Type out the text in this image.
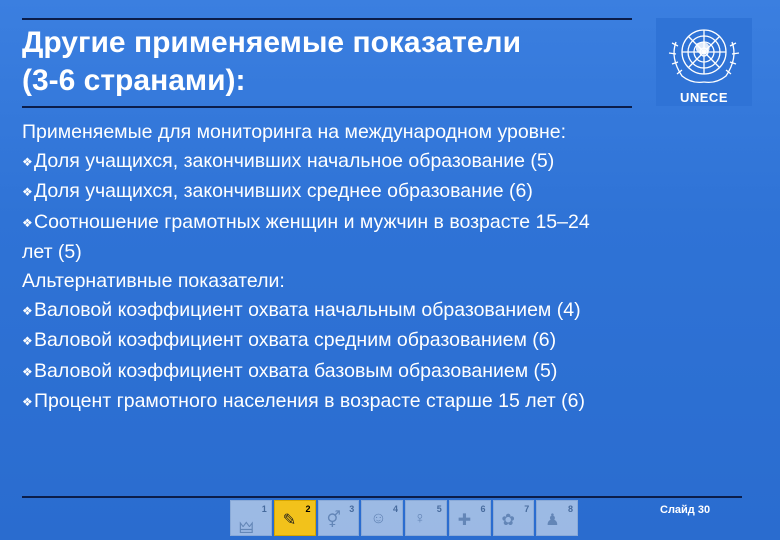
Другие применяемые показатели
(3-6 странами):
UNECE
Применяемые для мониторинга на международном уровне:
❖Доля учащихся, закончивших начальное образование (5)
❖Доля учащихся, закончивших среднее образование (6)
❖Соотношение грамотных женщин и мужчин в возрасте 15–24
лет (5)
Альтернативные показатели:
❖Валовой коэффициент охвата начальным образованием (4)
❖Валовой коэффициент охвата средним образованием (6)
❖Валовой коэффициент охвата базовым образованием (5)
❖Процент грамотного населения в возрасте старше 15 лет (6)
🜲
1
✎
2
⚥
3
☺
4
♀
5
✚
6
✿
7
♟
8	Слайд 30
